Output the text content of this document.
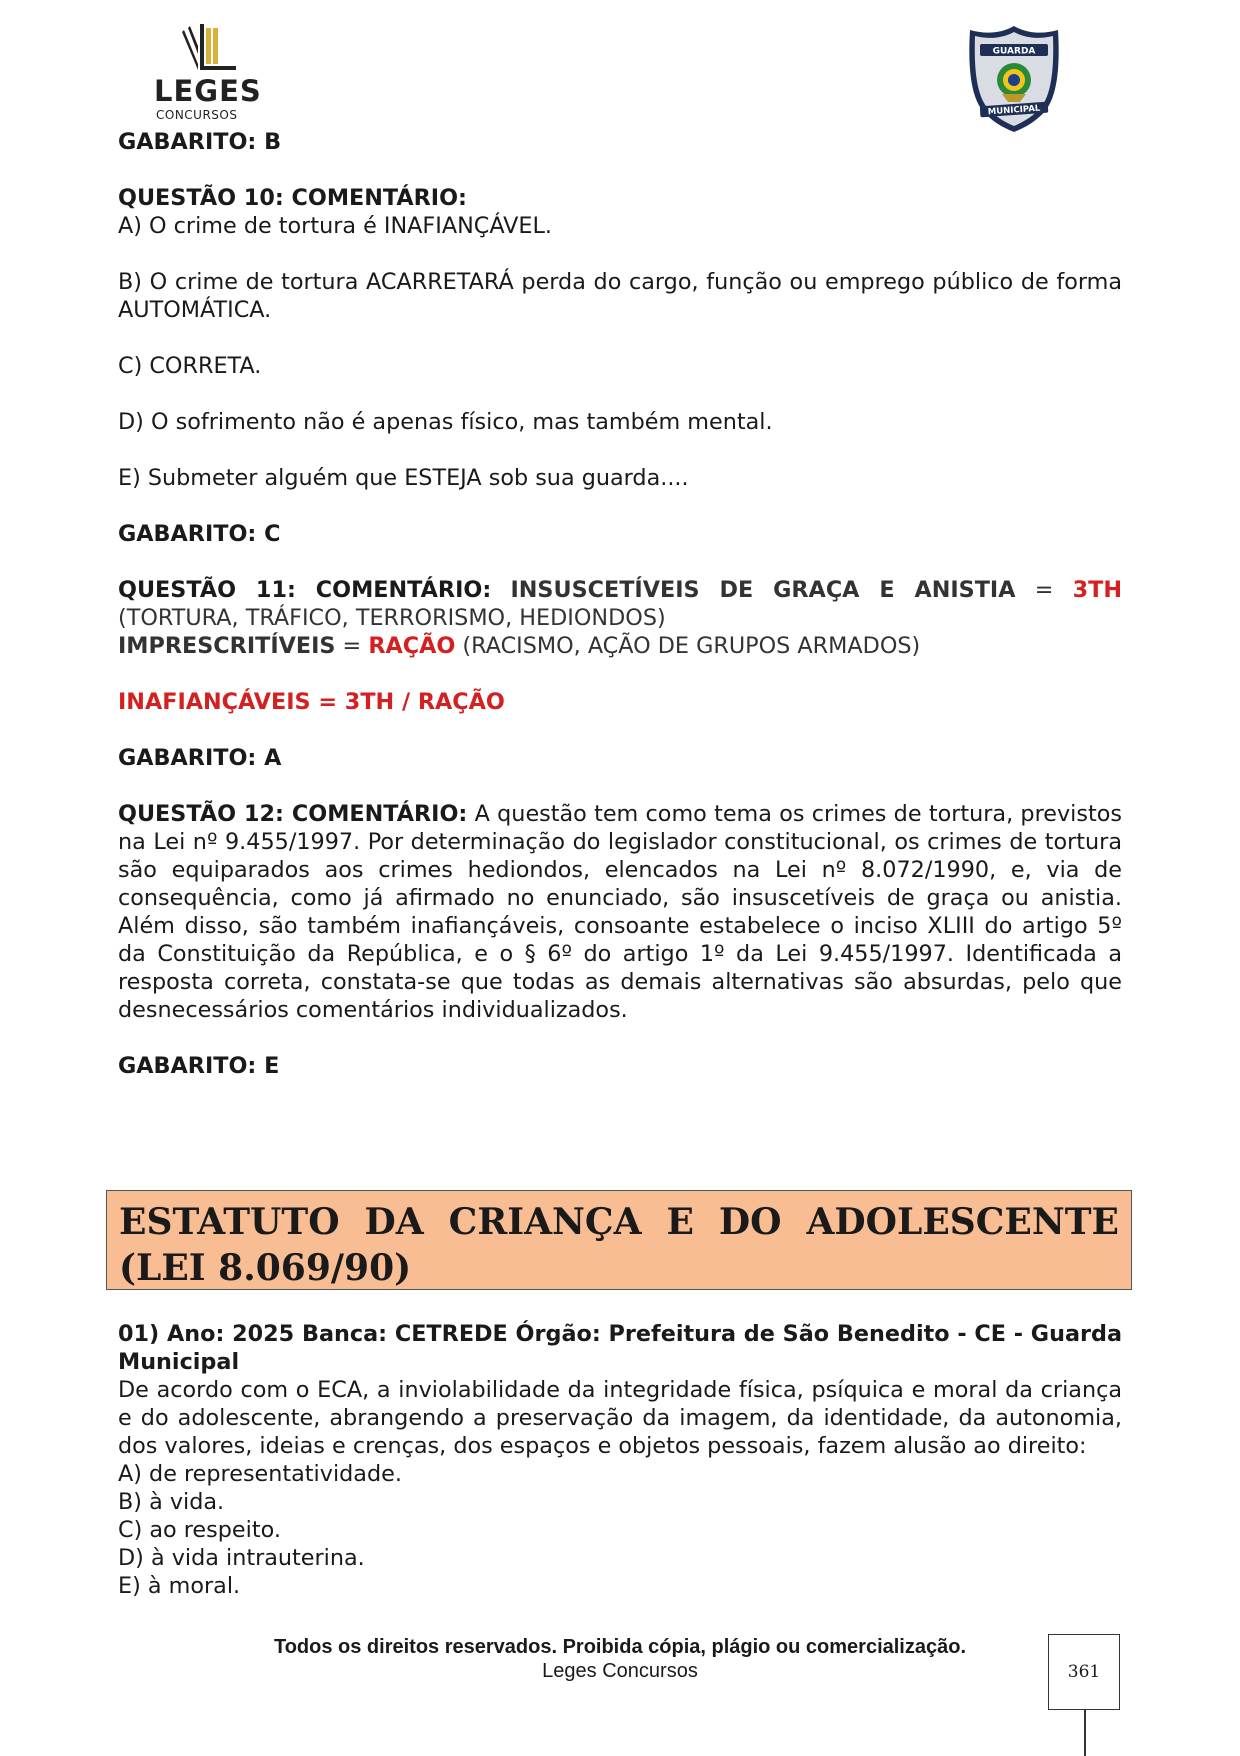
LEGES
CONCURSOS
GUARDA
MUNICIPAL

GABARITO: B

QUESTÃO 10: COMENTÁRIO:

A) O crime de tortura é INAFIANÇÁVEL.

B) O crime de tortura ACARRETARÁ perda do cargo, função ou emprego público de forma AUTOMÁTICA.

C) CORRETA.

D) O sofrimento não é apenas físico, mas também mental.

E) Submeter alguém que ESTEJA sob sua guarda....

GABARITO: C

QUESTÃO 11: COMENTÁRIO: INSUSCETÍVEIS DE GRAÇA E ANISTIA = 3TH (TORTURA, TRÁFICO, TERRORISMO, HEDIONDOS)

IMPRESCRITÍVEIS = RAÇÃO (RACISMO, AÇÃO DE GRUPOS ARMADOS)

INAFIANÇÁVEIS = 3TH / RAÇÃO

GABARITO: A

QUESTÃO 12: COMENTÁRIO: A questão tem como tema os crimes de tortura, previstos na Lei nº 9.455/1997. Por determinação do legislador constitucional, os crimes de tortura são equiparados aos crimes hediondos, elencados na Lei nº 8.072/1990, e, via de consequência, como já afirmado no enunciado, são insuscetíveis de graça ou anistia. Além disso, são também inafiançáveis, consoante estabelece o inciso XLIII do artigo 5º da Constituição da República, e o § 6º do artigo 1º da Lei 9.455/1997. Identificada a resposta correta, constata-se que todas as demais alternativas são absurdas, pelo que desnecessários comentários individualizados.

GABARITO: E

ESTATUTO DA CRIANÇA E DO ADOLESCENTE (LEI 8.069/90)

01) Ano: 2025 Banca: CETREDE Órgão: Prefeitura de São Benedito - CE - Guarda Municipal

De acordo com o ECA, a inviolabilidade da integridade física, psíquica e moral da criança e do adolescente, abrangendo a preservação da imagem, da identidade, da autonomia, dos valores, ideias e crenças, dos espaços e objetos pessoais, fazem alusão ao direito:

A) de representatividade.

B) à vida.

C) ao respeito.

D) à vida intrauterina.

E) à moral.

Todos os direitos reservados. Proibida cópia, plágio ou comercialização.
Leges Concursos	361
